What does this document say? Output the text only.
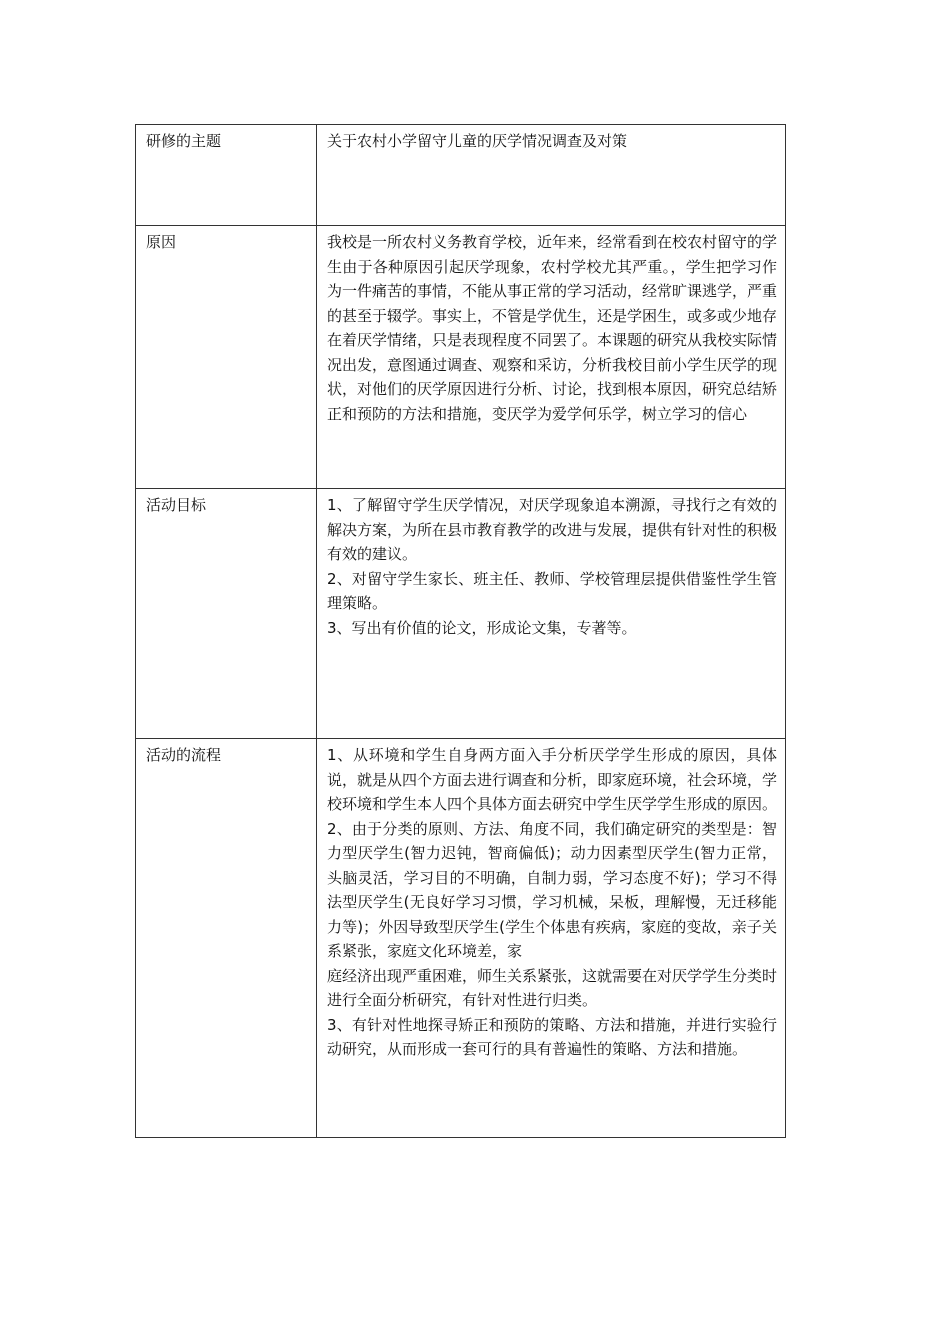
研修的主题	关于农村小学留守儿童的厌学情况调查及对策

原因	我校是一所农村义务教育学校，近年来，经常看到在校农村留守的学生由于各种原因引起厌学现象，农村学校尤其严重。，学生把学习作为一件痛苦的事情，不能从事正常的学习活动，经常旷课逃学，严重的甚至于辍学。事实上，不管是学优生，还是学困生，或多或少地存在着厌学情绪，只是表现程度不同罢了。本课题的研究从我校实际情况出发，意图通过调查、观察和采访，分析我校目前小学生厌学的现状，对他们的厌学原因进行分析、讨论，找到根本原因，研究总结矫正和预防的方法和措施，变厌学为爱学何乐学，树立学习的信心

活动目标	1、了解留守学生厌学情况，对厌学现象追本溯源，寻找行之有效的解决方案，为所在县市教育教学的改进与发展，提供有针对性的积极有效的建议。
2、对留守学生家长、班主任、教师、学校管理层提供借鉴性学生管理策略。
3、写出有价值的论文，形成论文集，专著等。

活动的流程	1、从环境和学生自身两方面入手分析厌学学生形成的原因，具体说，就是从四个方面去进行调查和分析，即家庭环境，社会环境，学校环境和学生本人四个具体方面去研究中学生厌学学生形成的原因。
2、由于分类的原则、方法、角度不同，我们确定研究的类型是：智力型厌学生(智力迟钝，智商偏低)；动力因素型厌学生(智力正常，头脑灵活，学习目的不明确，自制力弱，学习态度不好)；学习不得法型厌学生(无良好学习习惯，学习机械，呆板，理解慢，无迁移能力等)；外因导致型厌学生(学生个体患有疾病，家庭的变故，亲子关系紧张，家庭文化环境差，家
庭经济出现严重困难，师生关系紧张，这就需要在对厌学学生分类时进行全面分析研究，有针对性进行归类。
3、有针对性地探寻矫正和预防的策略、方法和措施，并进行实验行动研究，从而形成一套可行的具有普遍性的策略、方法和措施。
